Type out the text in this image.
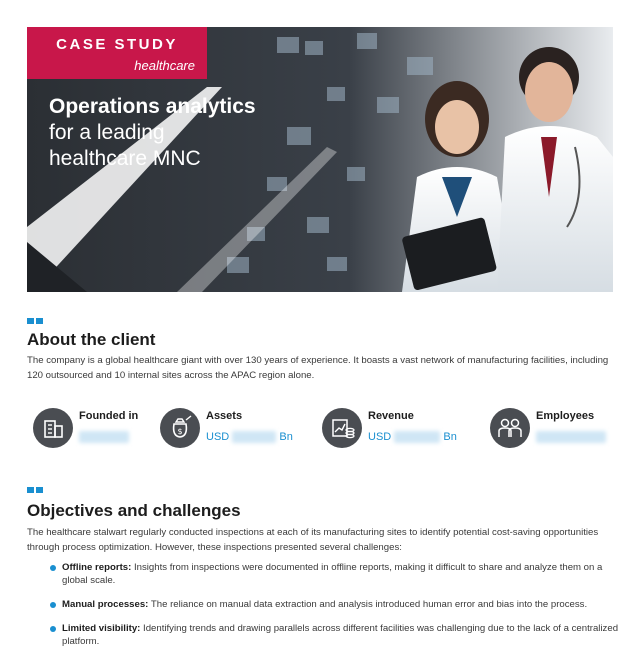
CASE STUDY
healthcare
Operations analytics
for a leading
healthcare MNC
About the client
The company is a global healthcare giant with over 130 years of experience. It boasts a vast network of manufacturing facilities, including 120 outsourced and 10 internal sites across the APAC region alone.
Founded in
$
Assets
USD	Bn
Revenue
USD	Bn
Employees
Objectives and challenges
The healthcare stalwart regularly conducted inspections at each of its manufacturing sites to identify potential cost-saving opportunities through process optimization. However, these inspections presented several challenges:
Offline reports: Insights from inspections were documented in offline reports, making it difficult to share and analyze them on a global scale.
Manual processes: The reliance on manual data extraction and analysis introduced human error and bias into the process.
Limited visibility: Identifying trends and drawing parallels across different facilities was challenging due to the lack of a centralized platform.
